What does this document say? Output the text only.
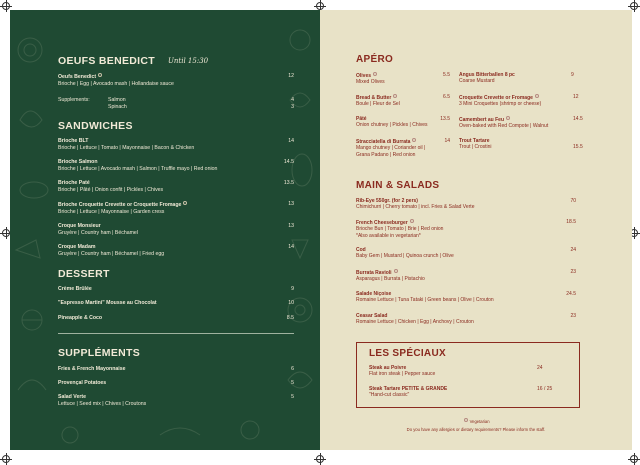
OEUFS BENEDICT Until 15:30
Oeufs Benedict
Brioche | Egg | Avocado mash | Hollandaise sauce
12
Supplements:	Salmon	4
Spinach	3
SANDWICHES
Brioche BLT
Brioche | Lettuce | Tomato | Mayonnaise | Bacon & Chicken
14
Brioche Salmon
Brioche | Lettuce | Avocado mash | Salmon | Truffle mayo | Red onion
14.5
Brioche Paté
Brioche | Pâté | Onion confit | Pickles | Chives
13.5
Brioche Croquette Crevette or Croquette Fromage
Brioche | Lettuce | Mayonnaise | Garden cress
13
Croque Monsieur
Gruyère | Country ham | Béchamel
13
Croque Madam
Gruyère | Country ham | Béchamel | Fried egg
14
DESSERT
Crème Brûlée	9
"Espresso Martini" Mousse au Chocolat	10
Pineapple & Coco	8.5
SUPPLÉMENTS
Fries & French Mayonnaise	6
Provençal Potatoes	5
Salad Verte
Lettuce | Seed mix | Chives | Croutons
5
APÉRO
Olives
Mixed Olives
5.5
Bread & Butter
Boule | Fleur de Sel
6.5
Pâté
Onion chutney | Pickles | Chives
13.5
Stracciatella di Burrata
Mango chutney | Coriander oil | Grana Padano | Red onion
14
Angus Bitterballen 8 pc
Coarse Mustard
9
Croquette Crevette or Fromage
3 Mini Croquettes (shrimp or cheese)
12
Camembert au Feu
Oven-baked with Red Compote | Walnut
14.5
Trout Tartare
Trout | Crostini	15.5
MAIN & SALADS
Rib-Eye 550gr. (for 2 pers)
Chimichurri | Cherry tomato | incl. Fries & Salad Verte
70
French Cheeseburger
Brioche Bun | Tomato | Brie | Red onion
*Also available in vegetarian*
18.5
Cod
Baby Gem | Mustard | Quinoa crunch | Olive
24
Burrata Ravioli
Asparagus | Burrata | Pistachio
23
Salade Niçoise
Romaine Lettuce | Tuna Tataki | Green beans | Olive | Crouton
24.5
Ceasar Salad
Romaine Lettuce | Chicken | Egg | Anchovy | Crouton
23
LES SPÉCIAUX
Steak au Poivre
Flat iron steak | Pepper sauce
24
Steak Tartare PETITE & GRANDE
"Hand-cut classic"
16 / 25
Vegetarian
Do you have any allergies or dietary requirements? Please inform the staff.
